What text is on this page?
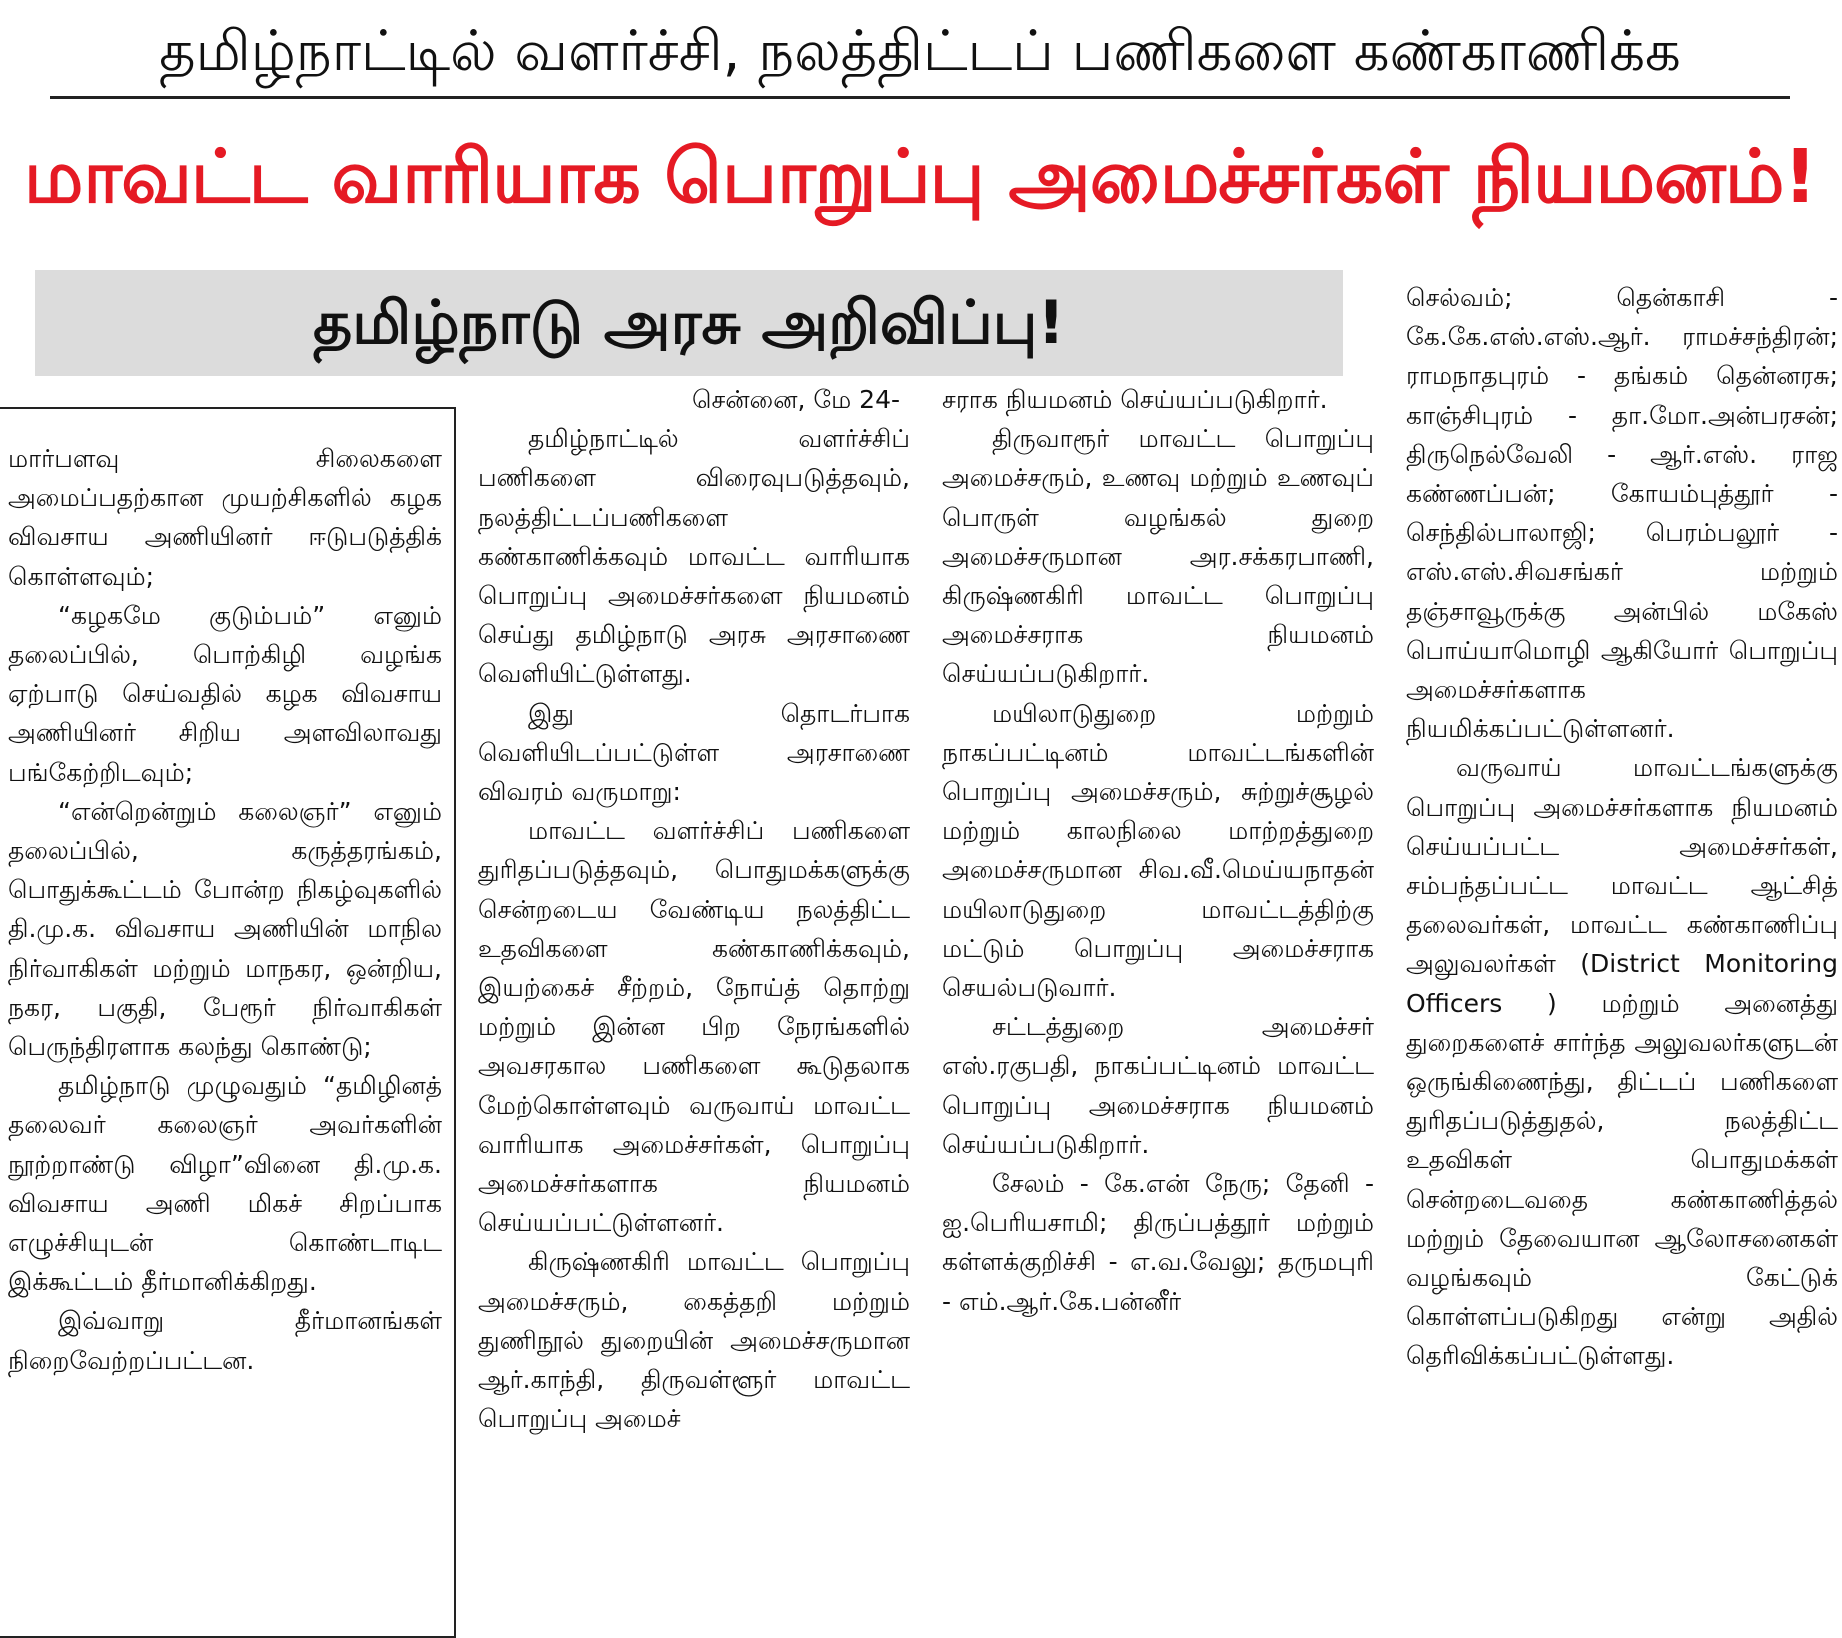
தமிழ்நாட்டில் வளர்ச்சி, நலத்திட்டப் பணிகளை கண்காணிக்க
மாவட்ட வாரியாக பொறுப்பு அமைச்சர்கள் நியமனம்!
தமிழ்நாடு அரசு அறிவிப்பு!

மார்பளவு சிலைகளை அமைப்பதற்கான முயற்சிகளில் கழக விவசாய அணியினர் ஈடுபடுத்திக் கொள்ளவும்;

“கழகமே குடும்பம்” எனும் தலைப்பில், பொற்கிழி வழங்க ஏற்பாடு செய்வதில் கழக விவசாய அணியினர் சிறிய அளவிலாவது பங்கேற்றிடவும்;

“என்றென்றும் கலைஞர்” எனும் தலைப்பில், கருத்தரங்கம், பொதுக்கூட்டம் போன்ற நிகழ்வுகளில் தி.மு.க. விவசாய அணியின் மாநில நிர்வாகிகள் மற்றும் மாநகர, ஒன்றிய, நகர, பகுதி, பேரூர் நிர்வாகிகள் பெருந்திரளாக கலந்து கொண்டு;

தமிழ்நாடு முழுவதும் “தமிழினத் தலைவர் கலைஞர் அவர்களின் நூற்றாண்டு விழா”வினை தி.மு.க. விவசாய அணி மிகச் சிறப்பாக எழுச்சியுடன் கொண்டாடிட இக்கூட்டம் தீர்மானிக்கிறது.

இவ்வாறு தீர்மானங்கள் நிறைவேற்றப்பட்டன.

சென்னை, மே 24-

தமிழ்நாட்டில் வளர்ச்சிப் பணிகளை விரைவுபடுத்தவும், நலத்திட்டப்பணிகளை கண்காணிக்கவும் மாவட்ட வாரியாக பொறுப்பு அமைச்சர்களை நியமனம் செய்து தமிழ்நாடு அரசு அரசாணை வெளியிட்டுள்ளது.

இது தொடர்பாக வெளியிடப்பட்டுள்ள அரசாணை விவரம் வருமாறு:

மாவட்ட வளர்ச்சிப் பணிகளை துரிதப்படுத்தவும், பொதுமக்களுக்கு சென்றடைய வேண்டிய நலத்திட்ட உதவிகளை கண்காணிக்கவும், இயற்கைச் சீற்றம், நோய்த் தொற்று மற்றும் இன்ன பிற நேரங்களில் அவசரகால பணிகளை கூடுதலாக மேற்கொள்ளவும் வருவாய் மாவட்ட வாரியாக அமைச்சர்கள், பொறுப்பு அமைச்சர்களாக நியமனம் செய்யப்பட்டுள்ளனர்.

கிருஷ்ணகிரி மாவட்ட பொறுப்பு அமைச்சரும், கைத்தறி மற்றும் துணிநூல் துறையின் அமைச்சருமான ஆர்.காந்தி, திருவள்ளூர் மாவட்ட பொறுப்பு அமைச்

சராக நியமனம் செய்யப்படுகிறார்.

திருவாரூர் மாவட்ட பொறுப்பு அமைச்சரும், உணவு மற்றும் உணவுப் பொருள் வழங்கல் துறை அமைச்சருமான அர.சக்கரபாணி, கிருஷ்ணகிரி மாவட்ட பொறுப்பு அமைச்சராக நியமனம் செய்யப்படுகிறார்.

மயிலாடுதுறை மற்றும் நாகப்பட்டினம் மாவட்டங்களின் பொறுப்பு அமைச்சரும், சுற்றுச்சூழல் மற்றும் காலநிலை மாற்றத்துறை அமைச்சருமான சிவ.வீ.மெய்யநாதன் மயிலாடுதுறை மாவட்டத்திற்கு மட்டும் பொறுப்பு அமைச்சராக செயல்படுவார்.

சட்டத்துறை அமைச்சர் எஸ்.ரகுபதி, நாகப்பட்டினம் மாவட்ட பொறுப்பு அமைச்சராக நியமனம் செய்யப்படுகிறார்.

சேலம் - கே.என் நேரு; தேனி - ஐ.பெரியசாமி; திருப்பத்தூர் மற்றும் கள்ளக்குறிச்சி - எ.வ.வேலு; தருமபுரி - எம்.ஆர்.கே.பன்னீர்

செல்வம்; தென்காசி - கே.கே.எஸ்.எஸ்.ஆர். ராமச்சந்திரன்; ராமநாதபுரம் - தங்கம் தென்னரசு; காஞ்சிபுரம் - தா.மோ.அன்பரசன்; திருநெல்வேலி - ஆர்.எஸ். ராஜ கண்ணப்பன்; கோயம்புத்தூர் - செந்தில்பாலாஜி; பெரம்பலூர் - எஸ்.எஸ்.சிவசங்கர் மற்றும் தஞ்சாவூருக்கு அன்பில் மகேஸ் பொய்யாமொழி ஆகியோர் பொறுப்பு அமைச்சர்களாக நியமிக்கப்பட்டுள்ளனர்.

வருவாய் மாவட்டங்களுக்கு பொறுப்பு அமைச்சர்களாக நியமனம் செய்யப்பட்ட அமைச்சர்கள், சம்பந்தப்பட்ட மாவட்ட ஆட்சித் தலைவர்கள், மாவட்ட கண்காணிப்பு அலுவலர்கள் (District Monitoring Officers ) மற்றும் அனைத்து துறைகளைச் சார்ந்த அலுவலர்களுடன் ஒருங்கிணைந்து, திட்டப் பணிகளை துரிதப்படுத்துதல், நலத்திட்ட உதவிகள் பொதுமக்கள் சென்றடைவதை கண்காணித்தல் மற்றும் தேவையான ஆலோசனைகள் வழங்கவும் கேட்டுக் கொள்ளப்படுகிறது என்று அதில் தெரிவிக்கப்பட்டுள்ளது.
